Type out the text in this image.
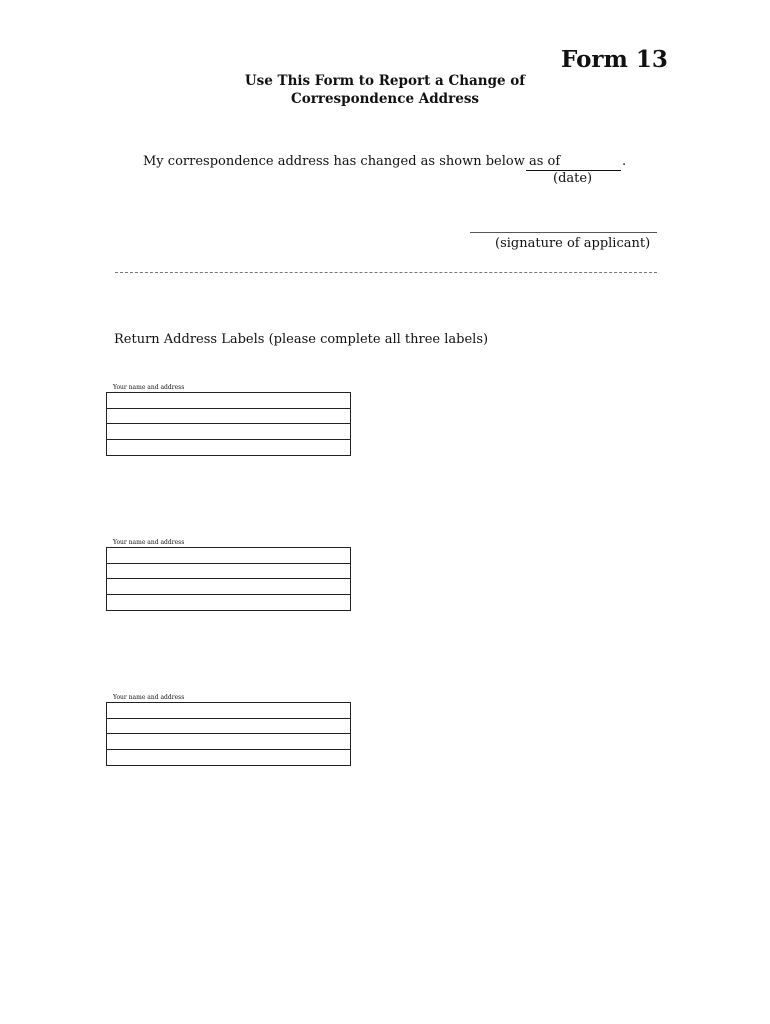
Form 13
Use This Form to Report a Change of
Correspondence Address
My correspondence address has changed as shown below as of	.
(date)
(signature of applicant)
Return Address Labels (please complete all three labels)
Your name and address
Your name and address
Your name and address
